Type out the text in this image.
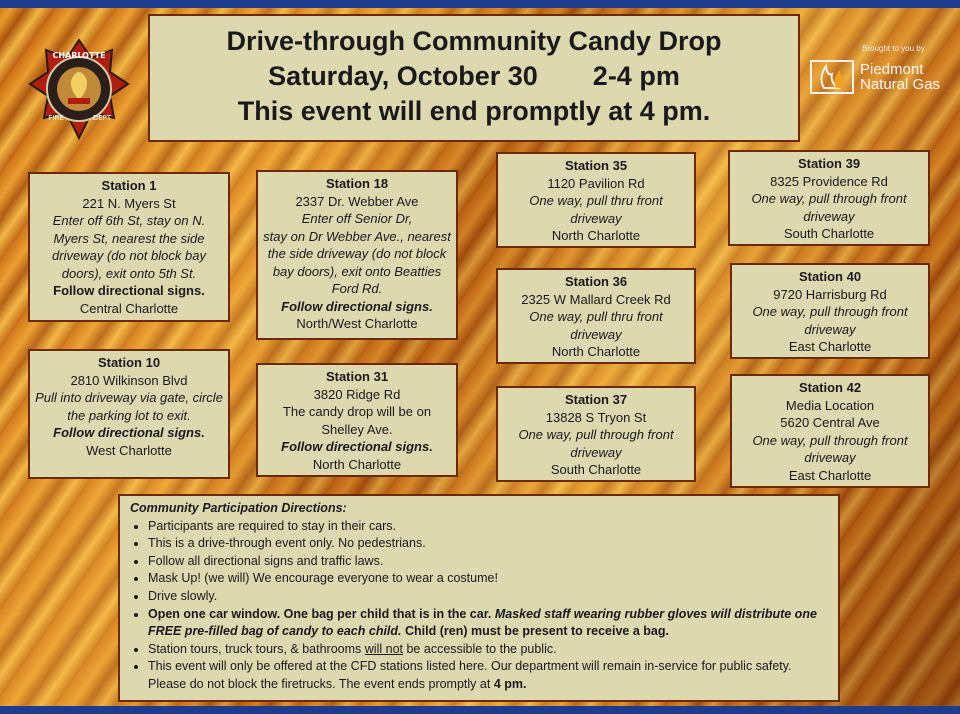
CHARLOTTE
FIRE	DEPT
Drive-through Community Candy Drop
Saturday, October 30 2-4 pm
This event will end promptly at 4 pm.
Brought to you by
Piedmont
Natural Gas
Station 1
221 N. Myers St
Enter off 6th St, stay on N. Myers St, nearest the side driveway (do not block bay doors), exit onto 5th St.
Follow directional signs.
Central Charlotte
Station 18
2337 Dr. Webber Ave
Enter off Senior Dr,
stay on Dr Webber Ave., nearest the side driveway (do not block bay doors), exit onto Beatties Ford Rd.
Follow directional signs.
North/West Charlotte
Station 35
1120 Pavilion Rd
One way, pull thru front driveway
North Charlotte
Station 39
8325 Providence Rd
One way, pull through front driveway
South Charlotte
Station 36
2325 W Mallard Creek Rd
One way, pull thru front driveway
North Charlotte
Station 40
9720 Harrisburg Rd
One way, pull through front driveway
East Charlotte
Station 10
2810 Wilkinson Blvd
Pull into driveway via gate, circle the parking lot to exit.
Follow directional signs.
West Charlotte
Station 31
3820 Ridge Rd
The candy drop will be on Shelley Ave.
Follow directional signs.
North Charlotte
Station 37
13828 S Tryon St
One way, pull through front driveway
South Charlotte
Station 42
Media Location
5620 Central Ave
One way, pull through front driveway
East Charlotte
Community Participation Directions:
• Participants are required to stay in their cars.
• This is a drive-through event only. No pedestrians.
• Follow all directional signs and traffic laws.
• Mask Up! (we will) We encourage everyone to wear a costume!
• Drive slowly.
• Open one car window. One bag per child that is in the car. Masked staff wearing rubber gloves will distribute one FREE pre-filled bag of candy to each child. Child (ren) must be present to receive a bag.
• Station tours, truck tours, & bathrooms will not be accessible to the public.
• This event will only be offered at the CFD stations listed here. Our department will remain in-service for public safety. Please do not block the firetrucks. The event ends promptly at 4 pm.
